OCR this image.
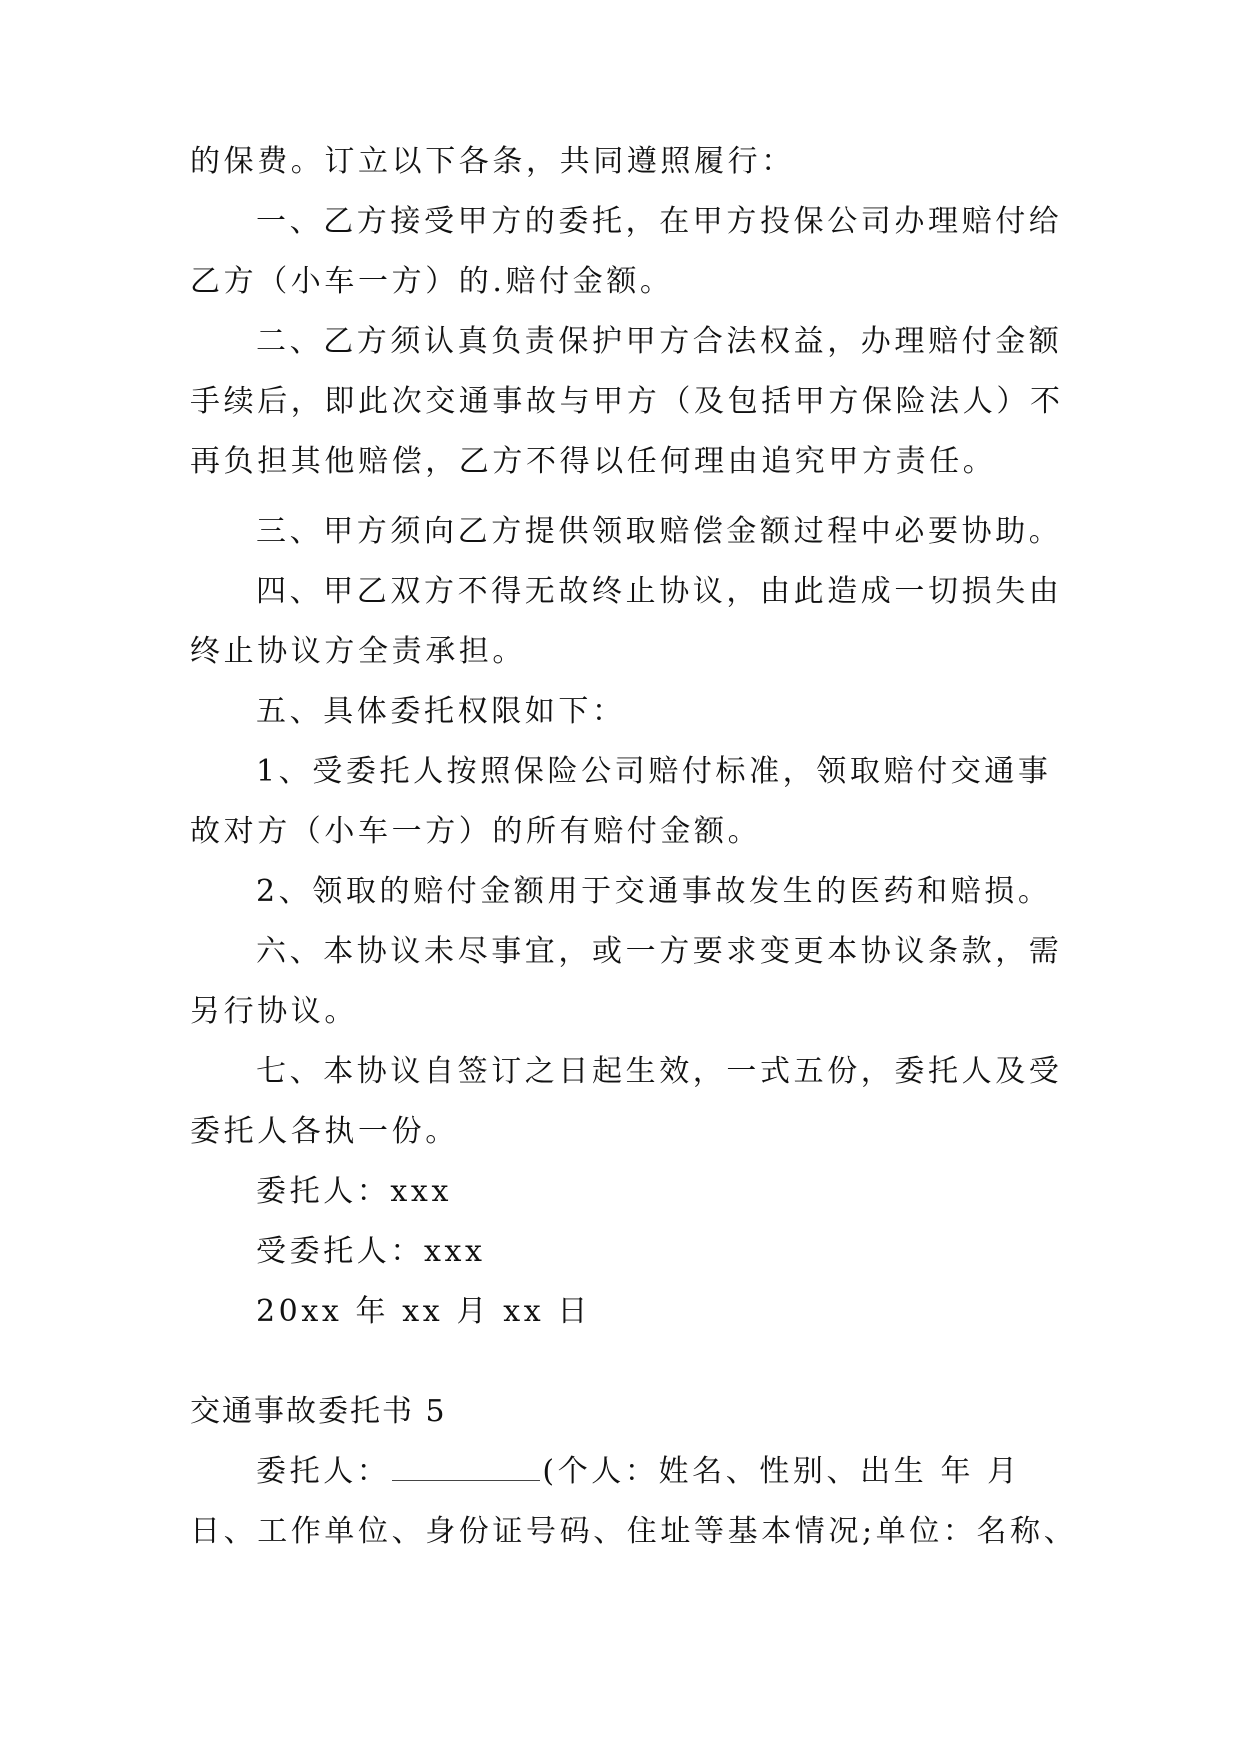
的保费。订立以下各条，共同遵照履行：
一、乙方接受甲方的委托，在甲方投保公司办理赔付给
乙方（小车一方）的.赔付金额。
二、乙方须认真负责保护甲方合法权益，办理赔付金额
手续后，即此次交通事故与甲方（及包括甲方保险法人）不
再负担其他赔偿，乙方不得以任何理由追究甲方责任。
三、甲方须向乙方提供领取赔偿金额过程中必要协助。
四、甲乙双方不得无故终止协议，由此造成一切损失由
终止协议方全责承担。
五、具体委托权限如下：
1、受委托人按照保险公司赔付标准，领取赔付交通事
故对方（小车一方）的所有赔付金额。
2、领取的赔付金额用于交通事故发生的医药和赔损。
六、本协议未尽事宜，或一方要求变更本协议条款，需
另行协议。
七、本协议自签订之日起生效，一式五份，委托人及受
委托人各执一份。
委托人：xxx
受委托人：xxx
20xx 年 xx 月 xx 日
交通事故委托书 5
委托人：	(个人：姓名、性别、出生 年 月
日、工作单位、身份证号码、住址等基本情况;单位：名称、
